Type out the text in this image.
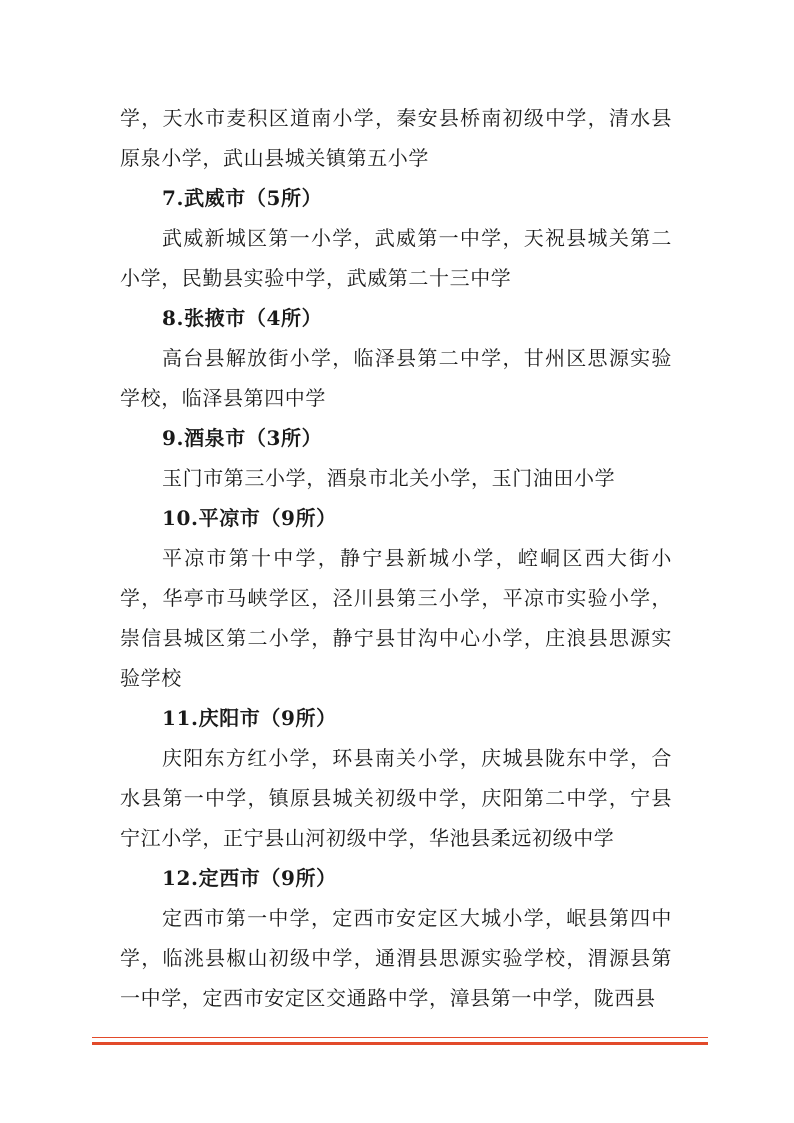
学，天水市麦积区道南小学，秦安县桥南初级中学，清水县原泉小学，武山县城关镇第五小学

7.武威市（5所）

武威新城区第一小学，武威第一中学，天祝县城关第二小学，民勤县实验中学，武威第二十三中学

8.张掖市（4所）

高台县解放街小学，临泽县第二中学，甘州区思源实验学校，临泽县第四中学

9.酒泉市（3所）

玉门市第三小学，酒泉市北关小学，玉门油田小学

10.平凉市（9所）

平凉市第十中学，静宁县新城小学，崆峒区西大街小学，华亭市马峡学区，泾川县第三小学，平凉市实验小学，崇信县城区第二小学，静宁县甘沟中心小学，庄浪县思源实验学校

11.庆阳市（9所）

庆阳东方红小学，环县南关小学，庆城县陇东中学，合水县第一中学，镇原县城关初级中学，庆阳第二中学，宁县宁江小学，正宁县山河初级中学，华池县柔远初级中学

12.定西市（9所）

定西市第一中学，定西市安定区大城小学，岷县第四中学，临洮县椒山初级中学，通渭县思源实验学校，渭源县第一中学，定西市安定区交通路中学，漳县第一中学，陇西县
